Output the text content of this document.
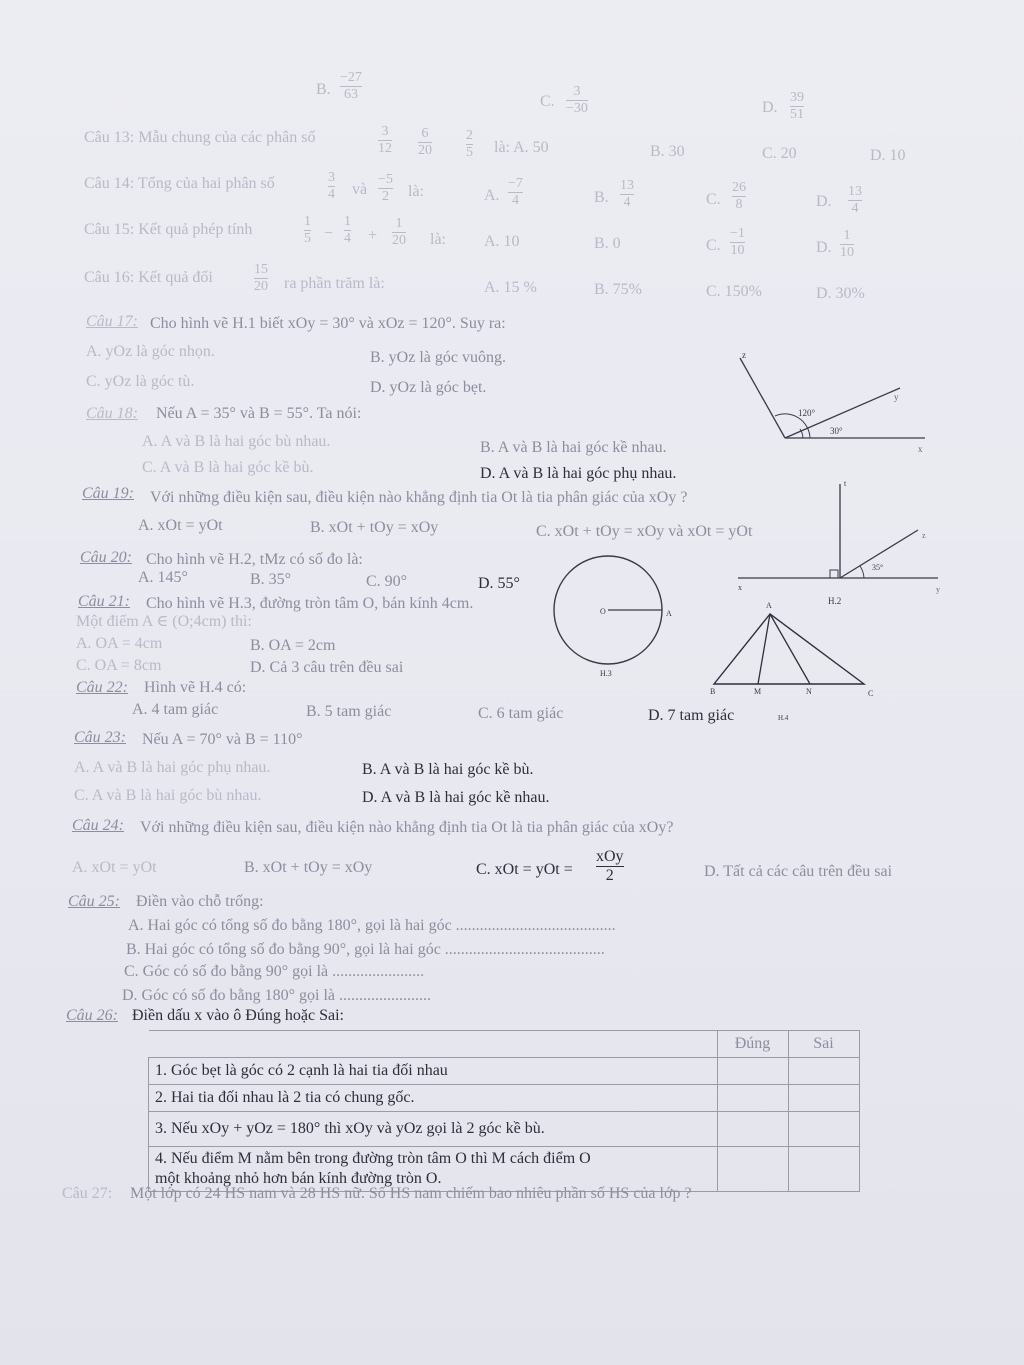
B.
−27
63	C.
3
−30	D.
39
51
Câu 13: Mẫu chung của các phân số	3
12
6
20
2
5 là: A. 50	B. 30	C. 20	D. 10
Câu 14: Tổng của hai phân số	3
4 và
−5
2 là:	A.
−7
4	B.
13
4	C.
26
8	D.
13
4
Câu 15: Kết quả phép tính	1
5 −
1
4 +
1
20 là: A. 10	B. 0	C.
−1
10	D.
1
10
Câu 16: Kết quả đổi	15
20 ra phần trăm là:	A. 15 %	B. 75%	C. 150%	D. 30%
Câu 17: Cho hình vẽ H.1 biết xOy = 30° và xOz = 120°. Suy ra:
A. yOz là góc nhọn.	B. yOz là góc vuông.
C. yOz là góc tù.	D. yOz là góc bẹt.
z
y
x
120°
30°
Câu 18: Nếu A = 35° và B = 55°. Ta nói:
A. A và B là hai góc bù nhau.	B. A và B là hai góc kề nhau.
C. A và B là hai góc kề bù.	D. A và B là hai góc phụ nhau.
Câu 19: Với những điều kiện sau, điều kiện nào khẳng định tia Ot là tia phân giác của xOy ?
A. xOt = yOt	B. xOt + tOy = xOy	C. xOt + tOy = xOy và xOt = yOt
t
z
x	y
35°
H.2
Câu 20: Cho hình vẽ H.2, tMz có số đo là:
A. 145°	B. 35°	C. 90°	D. 55°
O	A
H.3
Câu 21: Cho hình vẽ H.3, đường tròn tâm O, bán kính 4cm.
Một điểm A ∈ (O;4cm) thì:
A. OA = 4cm	B. OA = 2cm
C. OA = 8cm	D. Cả 3 câu trên đều sai
A
B	M	N	C
H.4
Câu 22: Hình vẽ H.4 có:
A. 4 tam giác	B. 5 tam giác	C. 6 tam giác	D. 7 tam giác
Câu 23: Nếu A = 70° và B = 110°
A. A và B là hai góc phụ nhau.	B. A và B là hai góc kề bù.
C. A và B là hai góc bù nhau.	D. A và B là hai góc kề nhau.
Câu 24: Với những điều kiện sau, điều kiện nào khẳng định tia Ot là tia phân giác của xOy?
A. xOt = yOt	B. xOt + tOy = xOy	C. xOt = yOt =
xOy
2	D. Tất cả các câu trên đều sai
Câu 25: Điền vào chỗ trống:
A. Hai góc có tổng số đo bằng 180°, gọi là hai góc ........................................
B. Hai góc có tổng số đo bằng 90°, gọi là hai góc ........................................
C. Góc có số đo bằng 90° gọi là .......................
D. Góc có số đo bằng 180° gọi là .......................
Câu 26: Điền dấu x vào ô Đúng hoặc Sai:
	Đúng	Sai
1. Góc bẹt là góc có 2 cạnh là hai tia đối nhau		
2. Hai tia đối nhau là 2 tia có chung gốc.		
3. Nếu xOy + yOz = 180° thì xOy và yOz gọi là 2 góc kề bù.		

4. Nếu điểm M nằm bên trong đường tròn tâm O thì M cách điểm O
một khoảng nhỏ hơn bán kính đường tròn O.		

Câu 27: Một lớp có 24 HS nam và 28 HS nữ. Số HS nam chiếm bao nhiêu phần số HS của lớp ?
